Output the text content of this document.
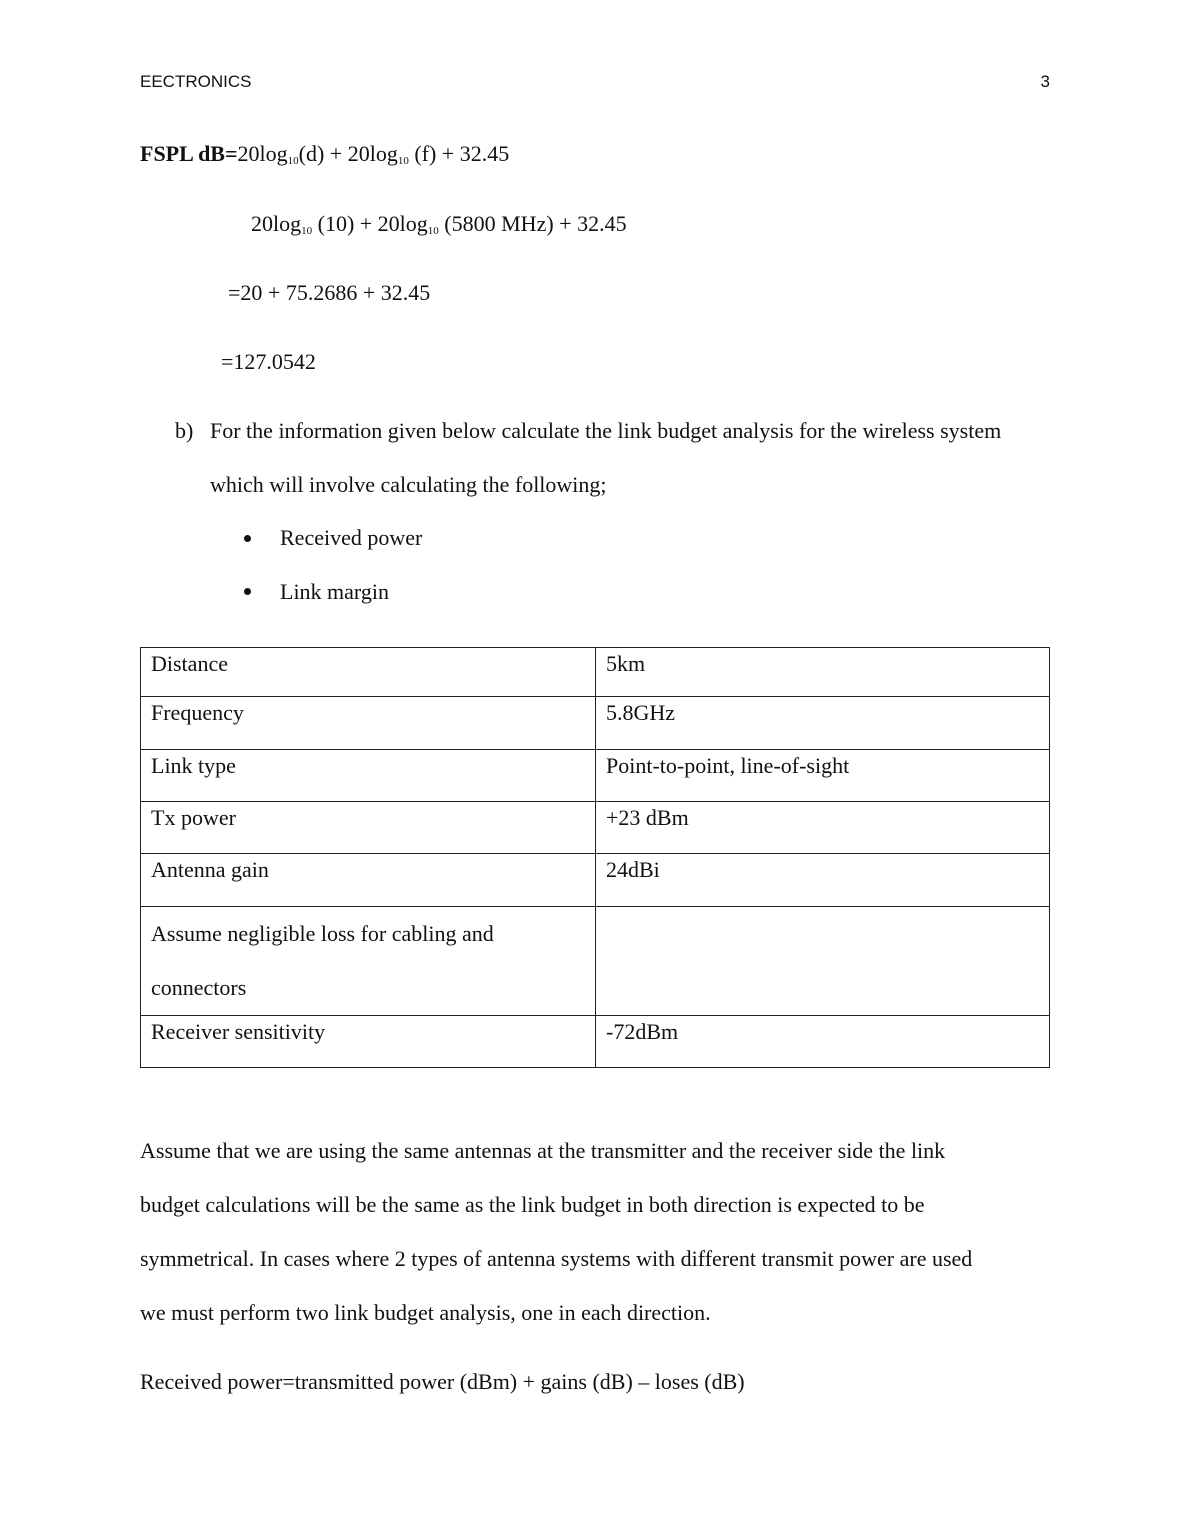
EECTRONICS	3
FSPL $dB=20\log_{10}(d) + 20\log_{10}$ (f) + 32.45
$20\log_{10}$ $(10) + 20\log_{10}$ (5800 MHz) + 32.45
=20 + 75.2686 + 32.45
=127.0542
b) For the information given below calculate the link budget analysis for the wireless system
which will involve calculating the following;
Received power
Link margin
Distance	5km
Frequency	5.8GHz
Link type	Point-to-point, line-of-sight
Tx power	+23 dBm
Antenna gain	24dBi
Assume negligible loss for cabling and
connectors	
Receiver sensitivity	-72dBm
Assume that we are using the same antennas at the transmitter and the receiver side the link
budget calculations will be the same as the link budget in both direction is expected to be
symmetrical. In cases where 2 types of antenna systems with different transmit power are used
we must perform two link budget analysis, one in each direction.
Received power=transmitted power (dBm) + gains (dB) – loses (dB)
